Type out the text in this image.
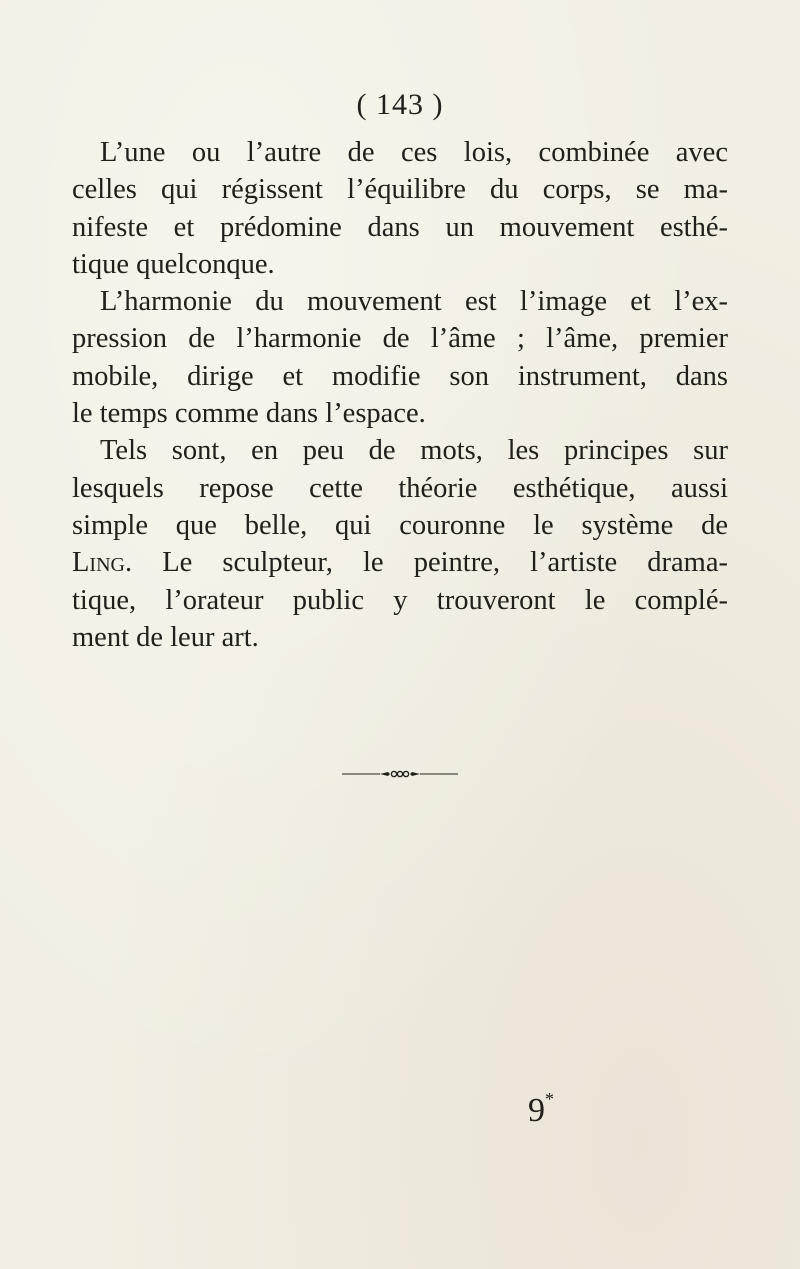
( 143 )
L’une ou l’autre de ces lois, combinée avec
celles qui régissent l’équilibre du corps, se ma-
nifeste et prédomine dans un mouvement esthé-
tique quelconque.
L’harmonie du mouvement est l’image et l’ex-
pression de l’harmonie de l’âme ; l’âme, premier
mobile, dirige et modifie son instrument, dans
le temps comme dans l’espace.
Tels sont, en peu de mots, les principes sur
lesquels repose cette théorie esthétique, aussi
simple que belle, qui couronne le système de
Ling. Le sculpteur, le peintre, l’artiste drama-
tique, l’orateur public y trouveront le complé-
ment de leur art.
9*
